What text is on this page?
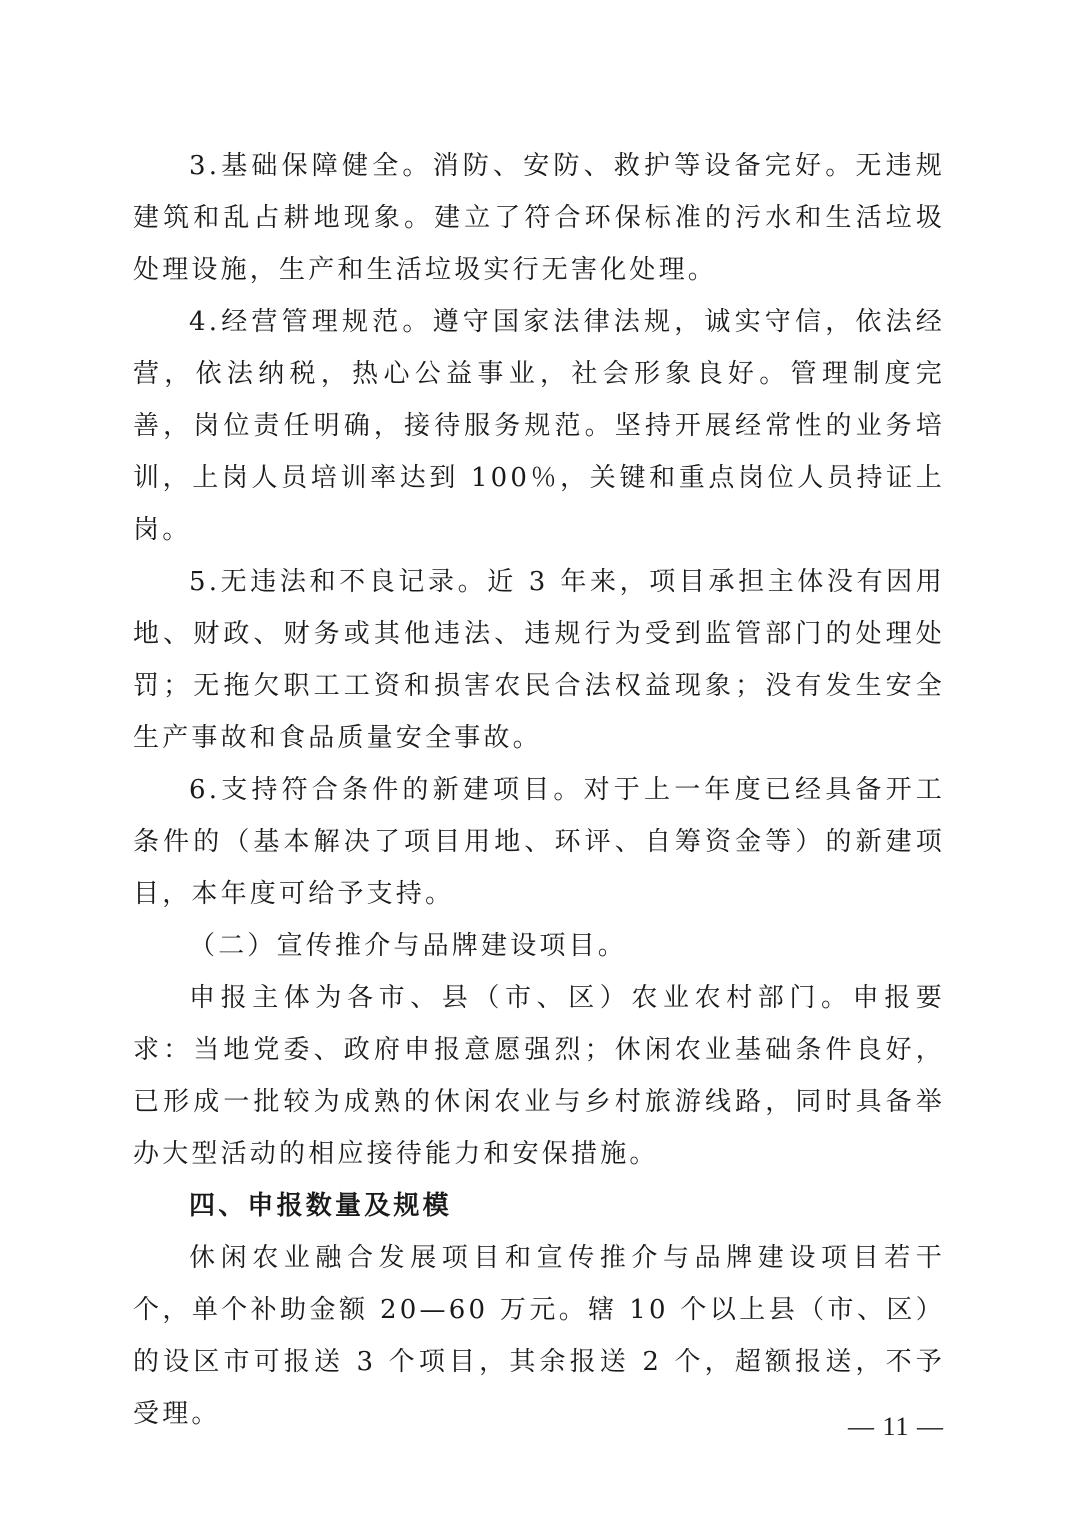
3.基础保障健全。消防、安防、救护等设备完好。无违规建筑和乱占耕地现象。建立了符合环保标准的污水和生活垃圾处理设施，生产和生活垃圾实行无害化处理。

4.经营管理规范。遵守国家法律法规，诚实守信，依法经营，依法纳税，热心公益事业，社会形象良好。管理制度完善，岗位责任明确，接待服务规范。坚持开展经常性的业务培训，上岗人员培训率达到 100％，关键和重点岗位人员持证上岗。

5.无违法和不良记录。近 3 年来，项目承担主体没有因用地、财政、财务或其他违法、违规行为受到监管部门的处理处罚；无拖欠职工工资和损害农民合法权益现象；没有发生安全生产事故和食品质量安全事故。

6.支持符合条件的新建项目。对于上一年度已经具备开工条件的（基本解决了项目用地、环评、自筹资金等）的新建项目，本年度可给予支持。

（二）宣传推介与品牌建设项目。

申报主体为各市、县（市、区）农业农村部门。申报要求：当地党委、政府申报意愿强烈；休闲农业基础条件良好，已形成一批较为成熟的休闲农业与乡村旅游线路，同时具备举办大型活动的相应接待能力和安保措施。

四、申报数量及规模

休闲农业融合发展项目和宣传推介与品牌建设项目若干个，单个补助金额 20—60 万元。辖 10 个以上县（市、区）的设区市可报送 3 个项目，其余报送 2 个，超额报送，不予受理。	— 11 —
